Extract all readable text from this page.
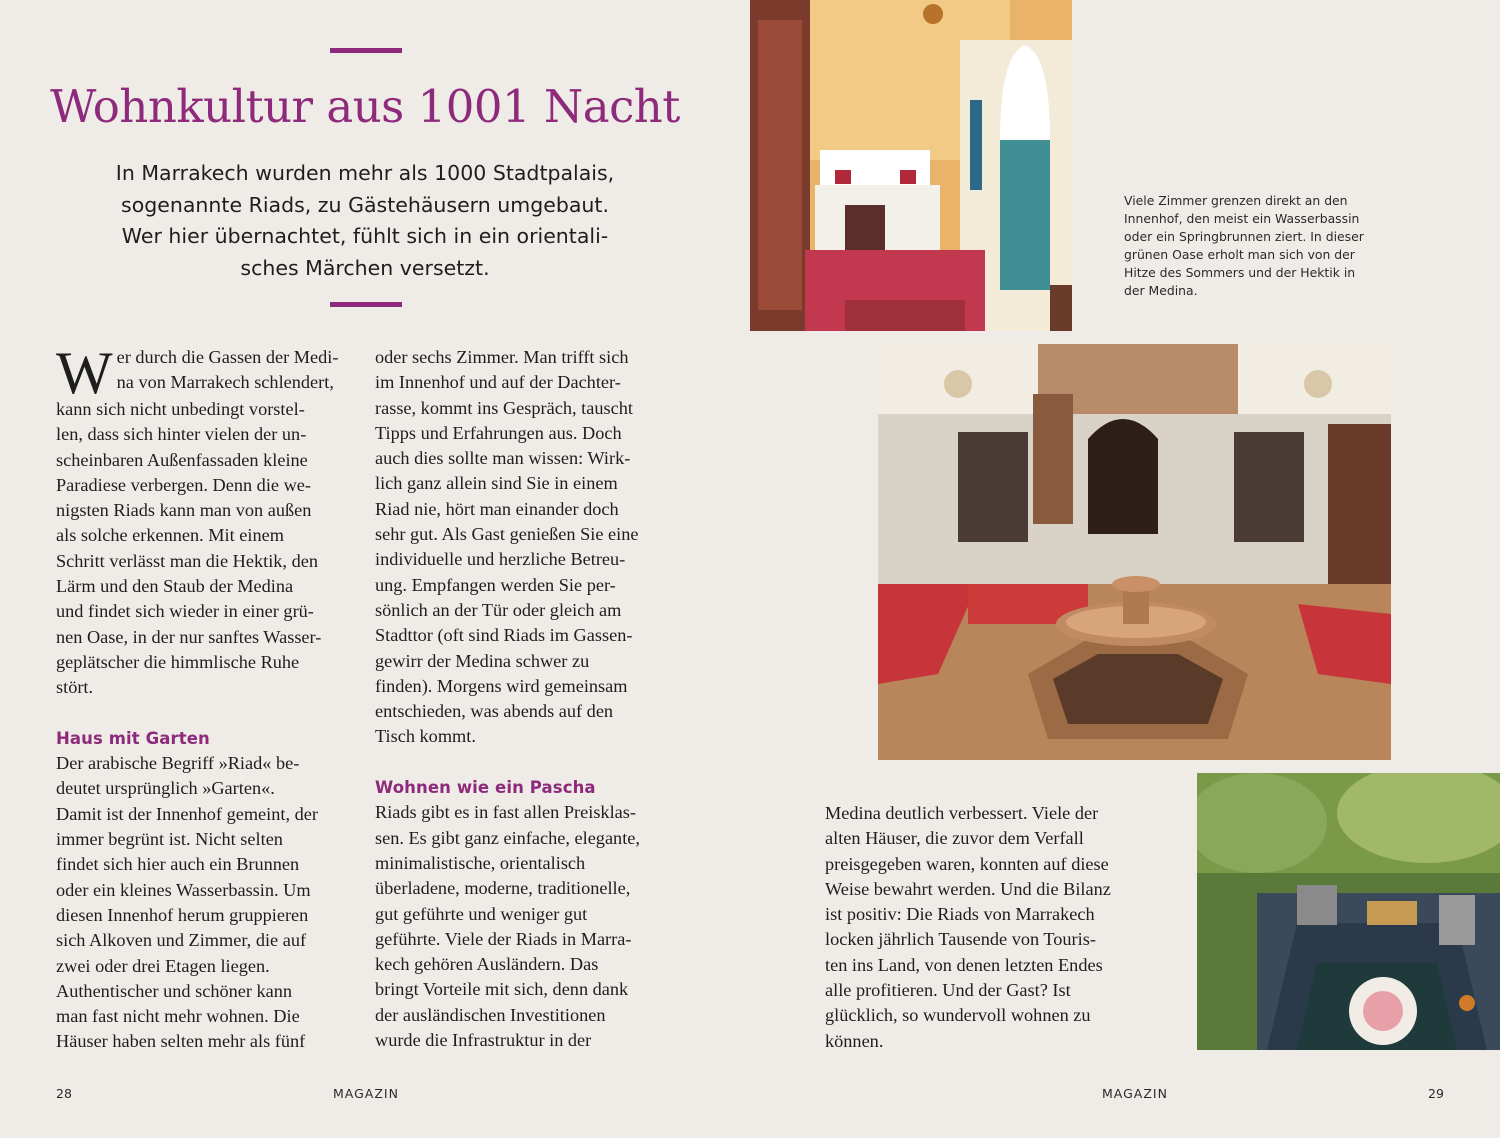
Wohnkultur aus 1001 Nacht
In Marrakech wurden mehr als 1000 Stadtpalais,
sogenannte Riads, zu Gästehäusern umgebaut.
Wer hier übernachtet, fühlt sich in ein orientali-
sches Märchen versetzt.
W er durch die Gassen der Medi-
na von Marrakech schlendert,
kann sich nicht unbedingt vorstel-
len, dass sich hinter vielen der un-
scheinbaren Außenfassaden kleine
Paradiese verbergen. Denn die we-
nigsten Riads kann man von außen
als solche erkennen. Mit einem
Schritt verlässt man die Hektik, den
Lärm und den Staub der Medina
und findet sich wieder in einer grü-
nen Oase, in der nur sanftes Wasser-
geplätscher die himmlische Ruhe
stört.
Haus mit Garten
Der arabische Begriff »Riad« be-
deutet ursprünglich »Garten«.
Damit ist der Innenhof gemeint, der
immer begrünt ist. Nicht selten
findet sich hier auch ein Brunnen
oder ein kleines Wasserbassin. Um
diesen Innenhof herum gruppieren
sich Alkoven und Zimmer, die auf
zwei oder drei Etagen liegen.
Authentischer und schöner kann
man fast nicht mehr wohnen. Die
Häuser haben selten mehr als fünf
oder sechs Zimmer. Man trifft sich
im Innenhof und auf der Dachter-
rasse, kommt ins Gespräch, tauscht
Tipps und Erfahrungen aus. Doch
auch dies sollte man wissen: Wirk-
lich ganz allein sind Sie in einem
Riad nie, hört man einander doch
sehr gut. Als Gast genießen Sie eine
individuelle und herzliche Betreu-
ung. Empfangen werden Sie per-
sönlich an der Tür oder gleich am
Stadttor (oft sind Riads im Gassen-
gewirr der Medina schwer zu
finden). Morgens wird gemeinsam
entschieden, was abends auf den
Tisch kommt.
Wohnen wie ein Pascha
Riads gibt es in fast allen Preisklas-
sen. Es gibt ganz einfache, elegante,
minimalistische, orientalisch
überladene, moderne, traditionelle,
gut geführte und weniger gut
geführte. Viele der Riads in Marra-
kech gehören Ausländern. Das
bringt Vorteile mit sich, denn dank
der ausländischen Investitionen
wurde die Infrastruktur in der
Medina deutlich verbessert. Viele der
alten Häuser, die zuvor dem Verfall
preisgegeben waren, konnten auf diese
Weise bewahrt werden. Und die Bilanz
ist positiv: Die Riads von Marrakech
locken jährlich Tausende von Touris-
ten ins Land, von denen letzten Endes
alle profitieren. Und der Gast? Ist
glücklich, so wundervoll wohnen zu
können.
Viele Zimmer grenzen direkt an den
Innenhof, den meist ein Wasserbassin
oder ein Springbrunnen ziert. In dieser
grünen Oase erholt man sich von der
Hitze des Sommers und der Hektik in
der Medina.
28	MAGAZIN	MAGAZIN	29
